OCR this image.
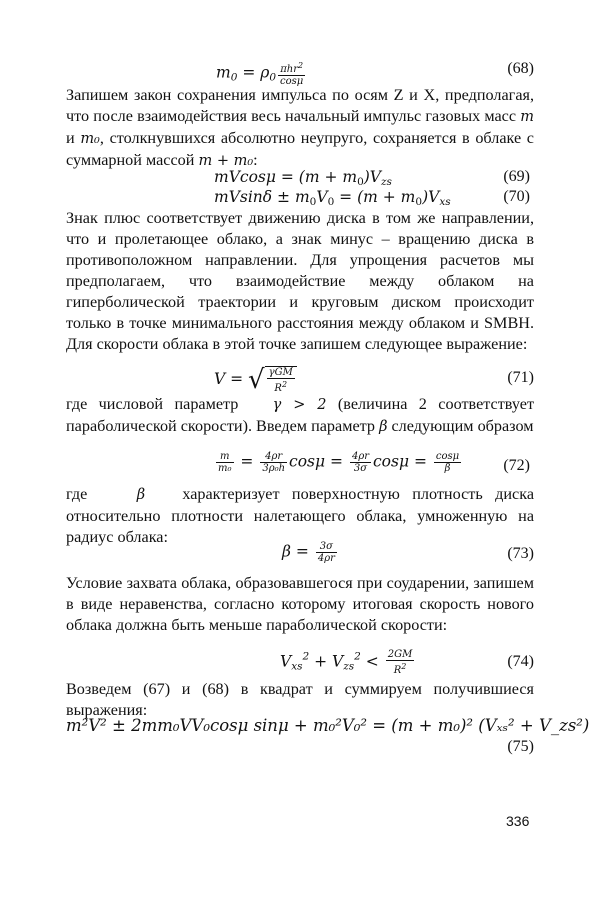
$m0 = \rho 0 \frac{\pi hr^2}{\cos\mu}$	(68)

Запишем закон сохранения импульса по осям Z и X, предполагая, что после взаимодействия весь начальный импульс газовых масс m и m₀, столкнувшихся абсолютно неупруго, сохраняется в облаке с суммарной массой m + m₀:

$mVcos\mu = (m + m_0)Vzs$	(69)
$mVsin\delta \pm m_0V_0 = (m + m_0)Vxs$	(70)

Знак плюс соответствует движению диска в том же направлении, что и пролетающее облако, а знак минус – вращению диска в противоположном направлении. Для упрощения расчетов мы предполагаем, что взаимодействие между облаком на гиперболической траектории и круговым диском происходит только в точке минимального расстояния между облаком и SMBH. Для скорости облака в этой точке запишем следующее выражение:

V = √ $\frac{\text{γGM}}{R^2}$	(71)

где числовой параметр γ > 2 (величина 2 соответствует параболической скорости). Введем параметр β следующим образом

$\frac{m}{\text{m₀}} = \frac{4\rho r}{\text{3ρ₀h}}$ $\cos\mu = \frac{4\rho r}{3\sigma}$ $\cos\mu = \frac{\cos\mu}{\beta}$	(72)

где	β характеризует поверхностную плотность диска относительно плотности налетающего облака, умноженную на радиус облака:

$\beta = \frac{3\sigma}{4\rho r}$	(73)

Условие захвата облака, образовавшегося при соударении, запишем в виде неравенства, согласно которому итоговая скорость нового облака должна быть меньше параболической скорости:

$Vxs^2 + Vzs^2 < \frac{2GM}{R^2}$	(74)

Возведем (67) и (68) в квадрат и суммируем получившиеся выражения:

m²V² ± 2mm₀VV₀cosμ sinμ + m₀²V₀² = (m + m₀)² (Vₓₛ² + V_zs²)
(75)
336
